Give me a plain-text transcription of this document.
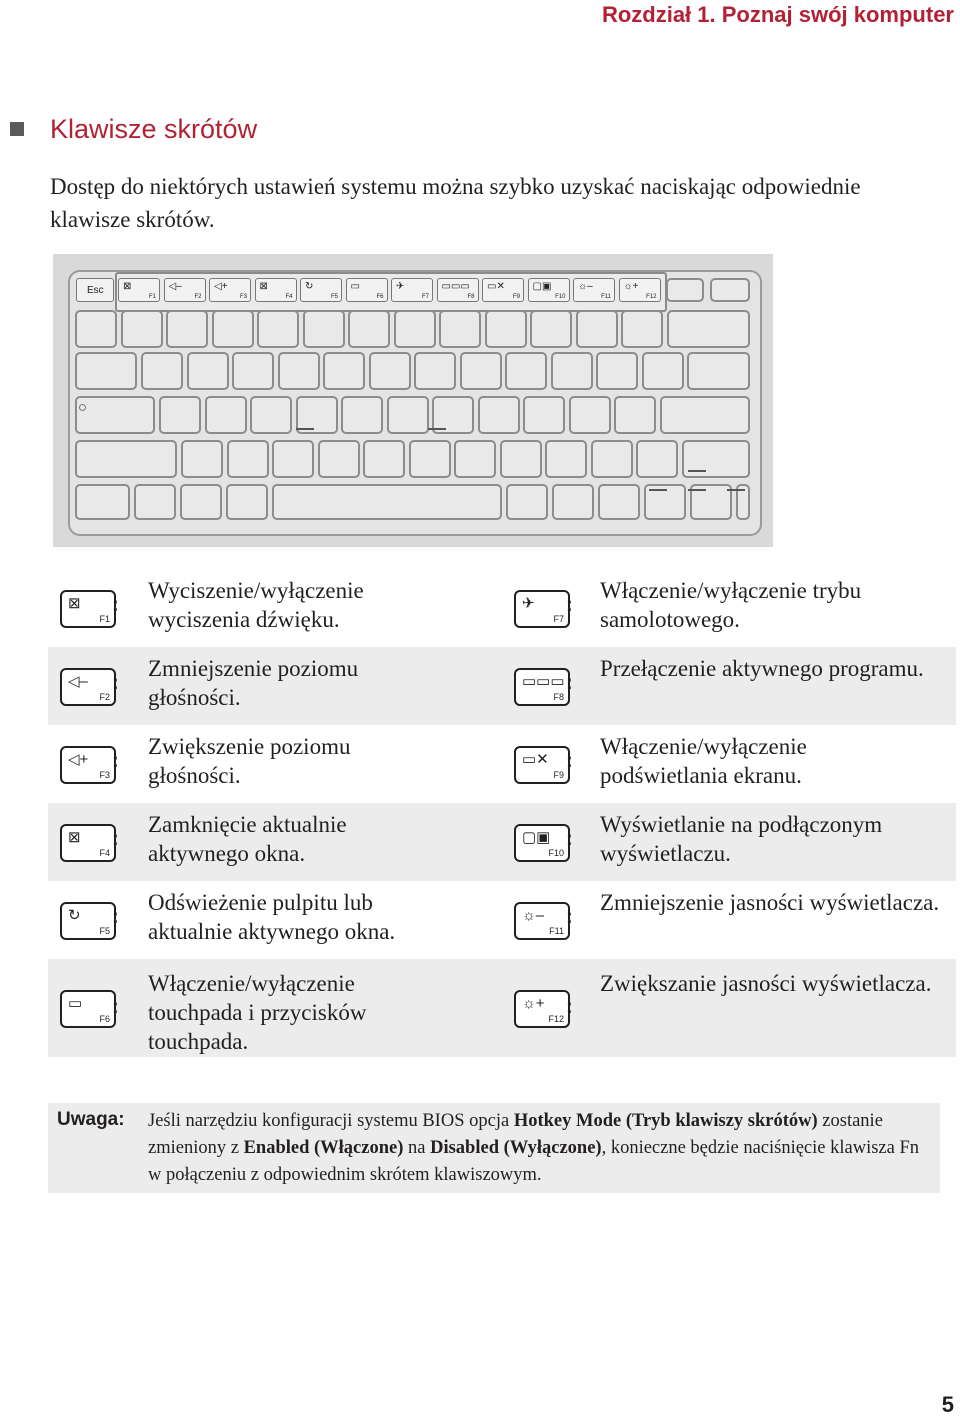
Rozdział 1. Poznaj swój komputer
Klawisze skrótów
Dostęp do niektórych ustawień systemu można szybko uzyskać naciskając odpowiednie klawisze skrótów.
Esc ⊠
F1
◁–
F2
◁+
F3
⊠
F4
↻
F5
▭
F6
✈
F7
▭▭▭
F8
▭✕
F9
▢▣
F10
☼–
F11
☼+
F12
⊠
F1
:
Wyciszenie/wyłączenie wyciszenia dźwięku.
✈
F7
:
Włączenie/wyłączenie trybu samolotowego.
◁–
F2
:
Zmniejszenie poziomu głośności.
▭▭▭
F8
:
Przełączenie aktywnego programu.
◁+
F3
:
Zwiększenie poziomu głośności.
▭✕
F9
:
Włączenie/wyłączenie podświetlania ekranu.
⊠
F4
:
Zamknięcie aktualnie aktywnego okna.
▢▣
F10
:
Wyświetlanie na podłączonym wyświetlaczu.
↻
F5
:
Odświeżenie pulpitu lub aktualnie aktywnego okna.
☼–
F11
:
Zmniejszenie jasności wyświetlacza.
▭
F6
:
Włączenie/wyłączenie touchpada i przycisków touchpada.
☼+
F12
:
Zwiększanie jasności wyświetlacza.
Uwaga: Jeśli narzędziu konfiguracji systemu BIOS opcja Hotkey Mode (Tryb klawiszy skrótów) zostanie zmieniony z Enabled (Włączone) na Disabled (Wyłączone), konieczne będzie naciśnięcie klawisza Fn w połączeniu z odpowiednim skrótem klawiszowym.
5
